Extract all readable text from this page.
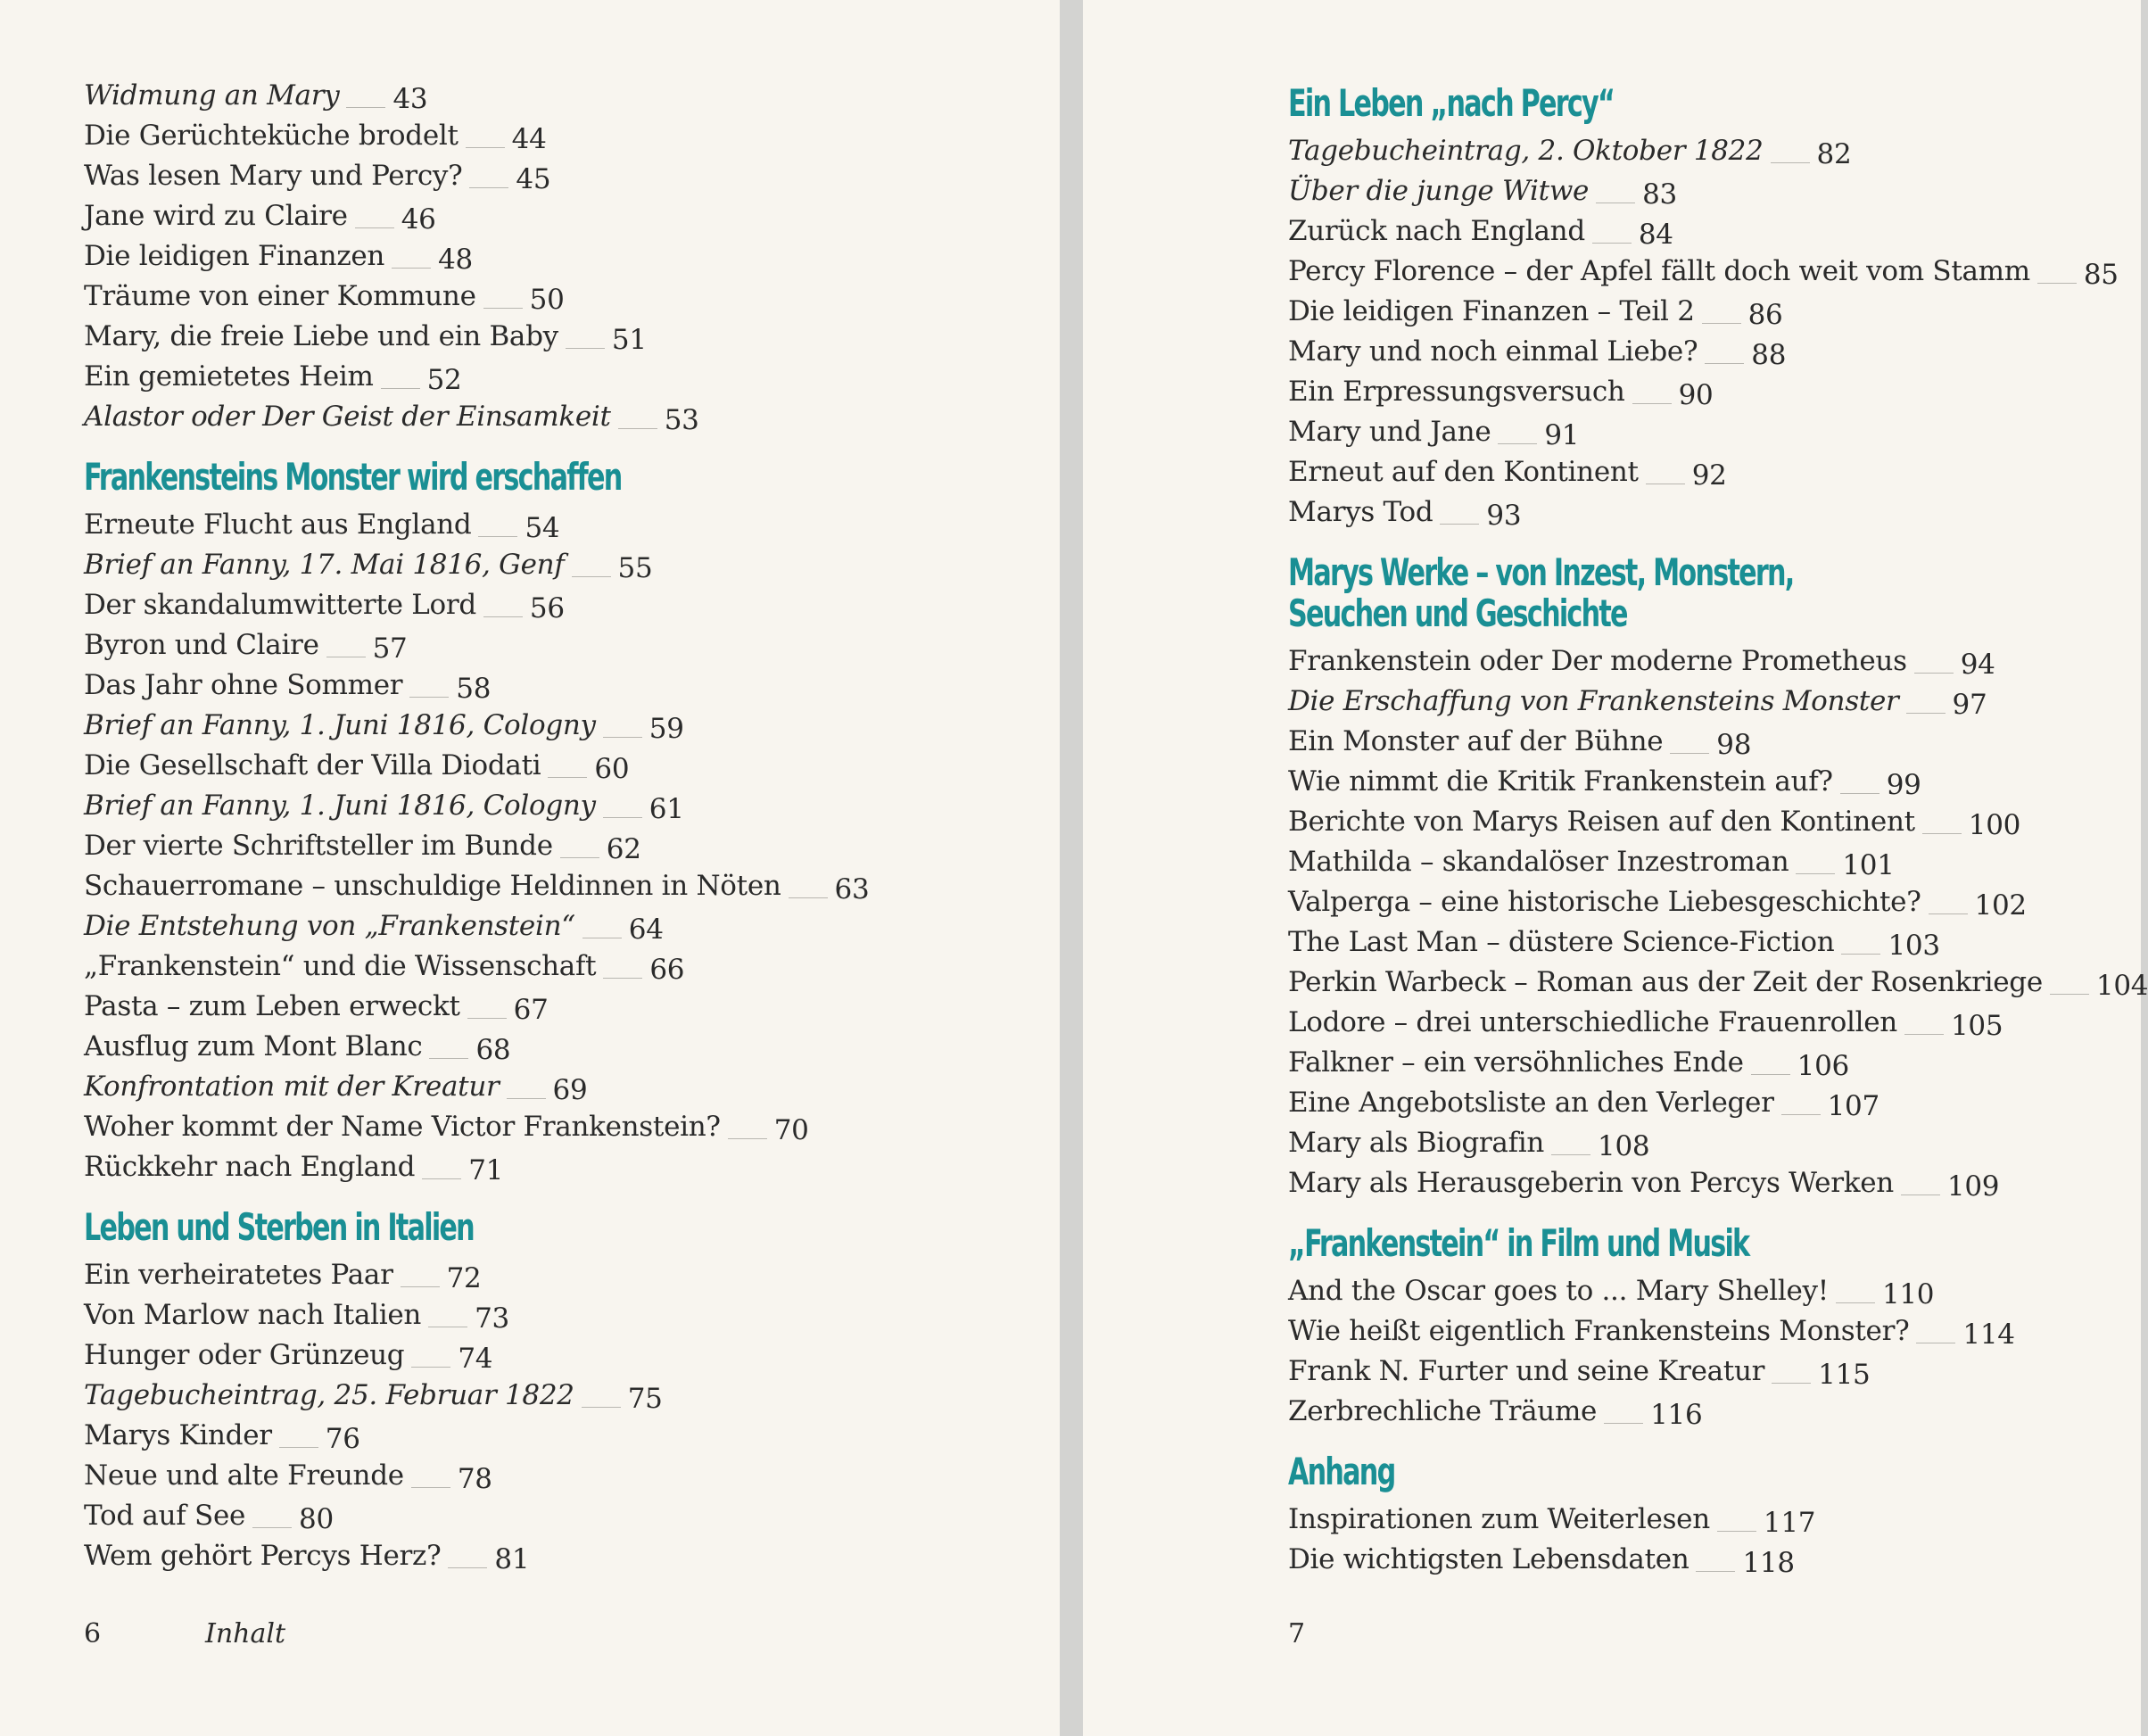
Widmung an Mary 43
Die Gerüchteküche brodelt 44
Was lesen Mary und Percy? 45
Jane wird zu Claire 46
Die leidigen Finanzen 48
Träume von einer Kommune 50
Mary, die freie Liebe und ein Baby 51
Ein gemietetes Heim 52
Alastor oder Der Geist der Einsamkeit 53
Frankensteins Monster wird erschaffen
Erneute Flucht aus England 54
Brief an Fanny, 17. Mai 1816, Genf 55
Der skandalumwitterte Lord 56
Byron und Claire 57
Das Jahr ohne Sommer 58
Brief an Fanny, 1. Juni 1816, Cologny 59
Die Gesellschaft der Villa Diodati 60
Brief an Fanny, 1. Juni 1816, Cologny 61
Der vierte Schriftsteller im Bunde 62
Schauerromane – unschuldige Heldinnen in Nöten 63
Die Entstehung von „Frankenstein“ 64
„Frankenstein“ und die Wissenschaft 66
Pasta – zum Leben erweckt 67
Ausflug zum Mont Blanc 68
Konfrontation mit der Kreatur 69
Woher kommt der Name Victor Frankenstein? 70
Rückkehr nach England 71
Leben und Sterben in Italien
Ein verheiratetes Paar 72
Von Marlow nach Italien 73
Hunger oder Grünzeug 74
Tagebucheintrag, 25. Februar 1822 75
Marys Kinder 76
Neue und alte Freunde 78
Tod auf See 80
Wem gehört Percys Herz? 81
6	Inhalt
Ein Leben „nach Percy“
Tagebucheintrag, 2. Oktober 1822 82
Über die junge Witwe 83
Zurück nach England 84
Percy Florence – der Apfel fällt doch weit vom Stamm 85
Die leidigen Finanzen – Teil 2 86
Mary und noch einmal Liebe? 88
Ein Erpressungsversuch 90
Mary und Jane 91
Erneut auf den Kontinent 92
Marys Tod 93
Marys Werke – von Inzest, Monstern,
Seuchen und Geschichte
Frankenstein oder Der moderne Prometheus 94
Die Erschaffung von Frankensteins Monster 97
Ein Monster auf der Bühne 98
Wie nimmt die Kritik Frankenstein auf? 99
Berichte von Marys Reisen auf den Kontinent 100
Mathilda – skandalöser Inzestroman 101
Valperga – eine historische Liebesgeschichte? 102
The Last Man – düstere Science-Fiction 103
Perkin Warbeck – Roman aus der Zeit der Rosenkriege 104
Lodore – drei unterschiedliche Frauenrollen 105
Falkner – ein versöhnliches Ende 106
Eine Angebotsliste an den Verleger 107
Mary als Biografin 108
Mary als Herausgeberin von Percys Werken 109
„Frankenstein“ in Film und Musik
And the Oscar goes to ... Mary Shelley! 110
Wie heißt eigentlich Frankensteins Monster? 114
Frank N. Furter und seine Kreatur 115
Zerbrechliche Träume 116
Anhang
Inspirationen zum Weiterlesen 117
Die wichtigsten Lebensdaten 118
7
